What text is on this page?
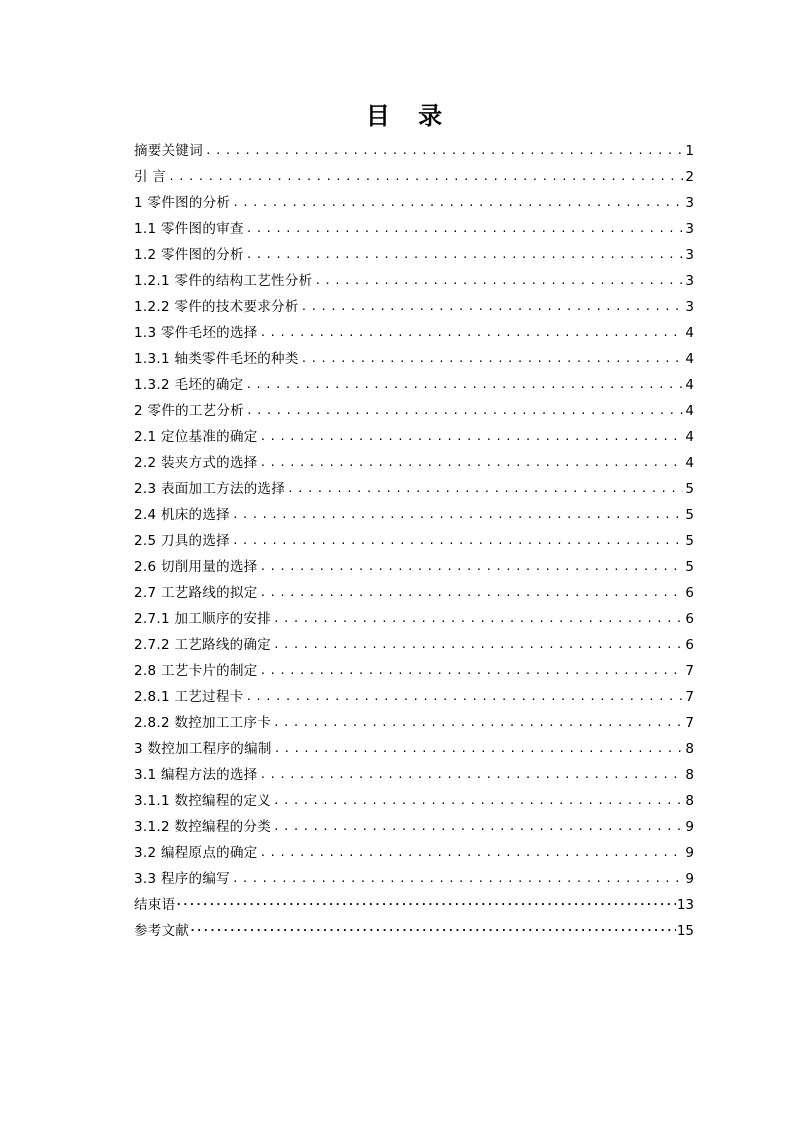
目 录
摘要关键词 .....	1
引 言 .....	2
1 零件图的分析 .....	3
1.1 零件图的审查 .....	3
1.2 零件图的分析 .....	3
1.2.1 零件的结构工艺性分析 .....	3
1.2.2 零件的技术要求分析 .....	3
1.3 零件毛坯的选择 .....	4
1.3.1 轴类零件毛坯的种类 .....	4
1.3.2 毛坯的确定 .....	4
2 零件的工艺分析 .....	4
2.1 定位基准的确定 .....	4
2.2 装夹方式的选择 .....	4
2.3 表面加工方法的选择 .....	5
2.4 机床的选择 .....	5
2.5 刀具的选择 .....	5
2.6 切削用量的选择 .....	5
2.7 工艺路线的拟定 .....	6
2.7.1 加工顺序的安排 .....	6
2.7.2 工艺路线的确定 .....	6
2.8 工艺卡片的制定 .....	7
2.8.1 工艺过程卡 .....	7
2.8.2 数控加工工序卡 .....	7
3 数控加工程序的编制 .....	8
3.1 编程方法的选择 .....	8
3.1.1 数控编程的定义 .....	8
3.1.2 数控编程的分类 .....	9
3.2 编程原点的确定 .....	9
3.3 程序的编写 .....	9
结束语 ·····	13
参考文献 ·····	15
